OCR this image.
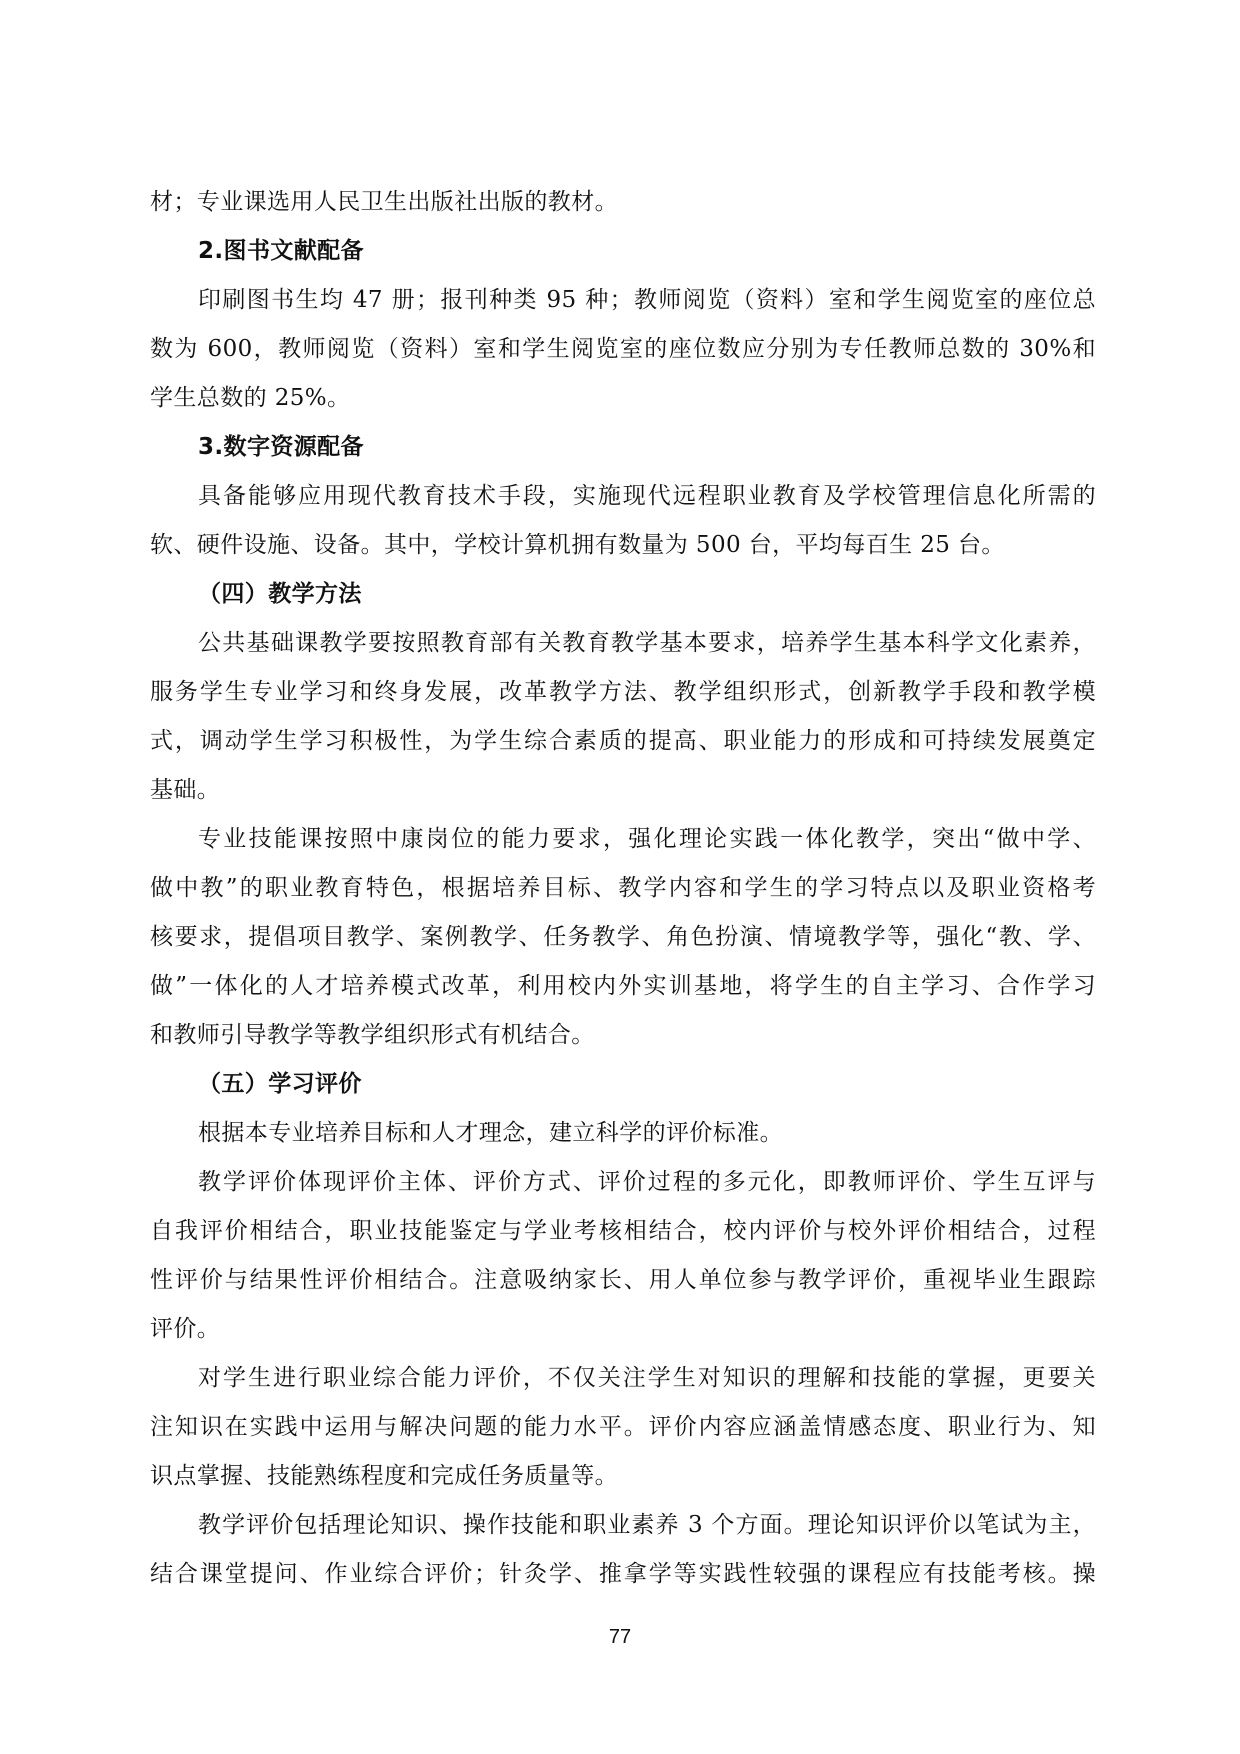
材；专业课选用人民卫生出版社出版的教材。
2.图书文献配备
印刷图书生均 47 册；报刊种类 95 种；教师阅览（资料）室和学生阅览室的座位总
数为 600，教师阅览（资料）室和学生阅览室的座位数应分别为专任教师总数的 30%和
学生总数的 25%。
3.数字资源配备
具备能够应用现代教育技术手段，实施现代远程职业教育及学校管理信息化所需的
软、硬件设施、设备。其中，学校计算机拥有数量为 500 台，平均每百生 25 台。
（四）教学方法
公共基础课教学要按照教育部有关教育教学基本要求，培养学生基本科学文化素养，
服务学生专业学习和终身发展，改革教学方法、教学组织形式，创新教学手段和教学模
式，调动学生学习积极性，为学生综合素质的提高、职业能力的形成和可持续发展奠定
基础。
专业技能课按照中康岗位的能力要求，强化理论实践一体化教学，突出“做中学、
做中教”的职业教育特色，根据培养目标、教学内容和学生的学习特点以及职业资格考
核要求，提倡项目教学、案例教学、任务教学、角色扮演、情境教学等，强化“教、学、
做”一体化的人才培养模式改革，利用校内外实训基地，将学生的自主学习、合作学习
和教师引导教学等教学组织形式有机结合。
（五）学习评价
根据本专业培养目标和人才理念，建立科学的评价标准。
教学评价体现评价主体、评价方式、评价过程的多元化，即教师评价、学生互评与
自我评价相结合，职业技能鉴定与学业考核相结合，校内评价与校外评价相结合，过程
性评价与结果性评价相结合。注意吸纳家长、用人单位参与教学评价，重视毕业生跟踪
评价。
对学生进行职业综合能力评价，不仅关注学生对知识的理解和技能的掌握，更要关
注知识在实践中运用与解决问题的能力水平。评价内容应涵盖情感态度、职业行为、知
识点掌握、技能熟练程度和完成任务质量等。
教学评价包括理论知识、操作技能和职业素养 3 个方面。理论知识评价以笔试为主，
结合课堂提问、作业综合评价；针灸学、推拿学等实践性较强的课程应有技能考核。操
77
